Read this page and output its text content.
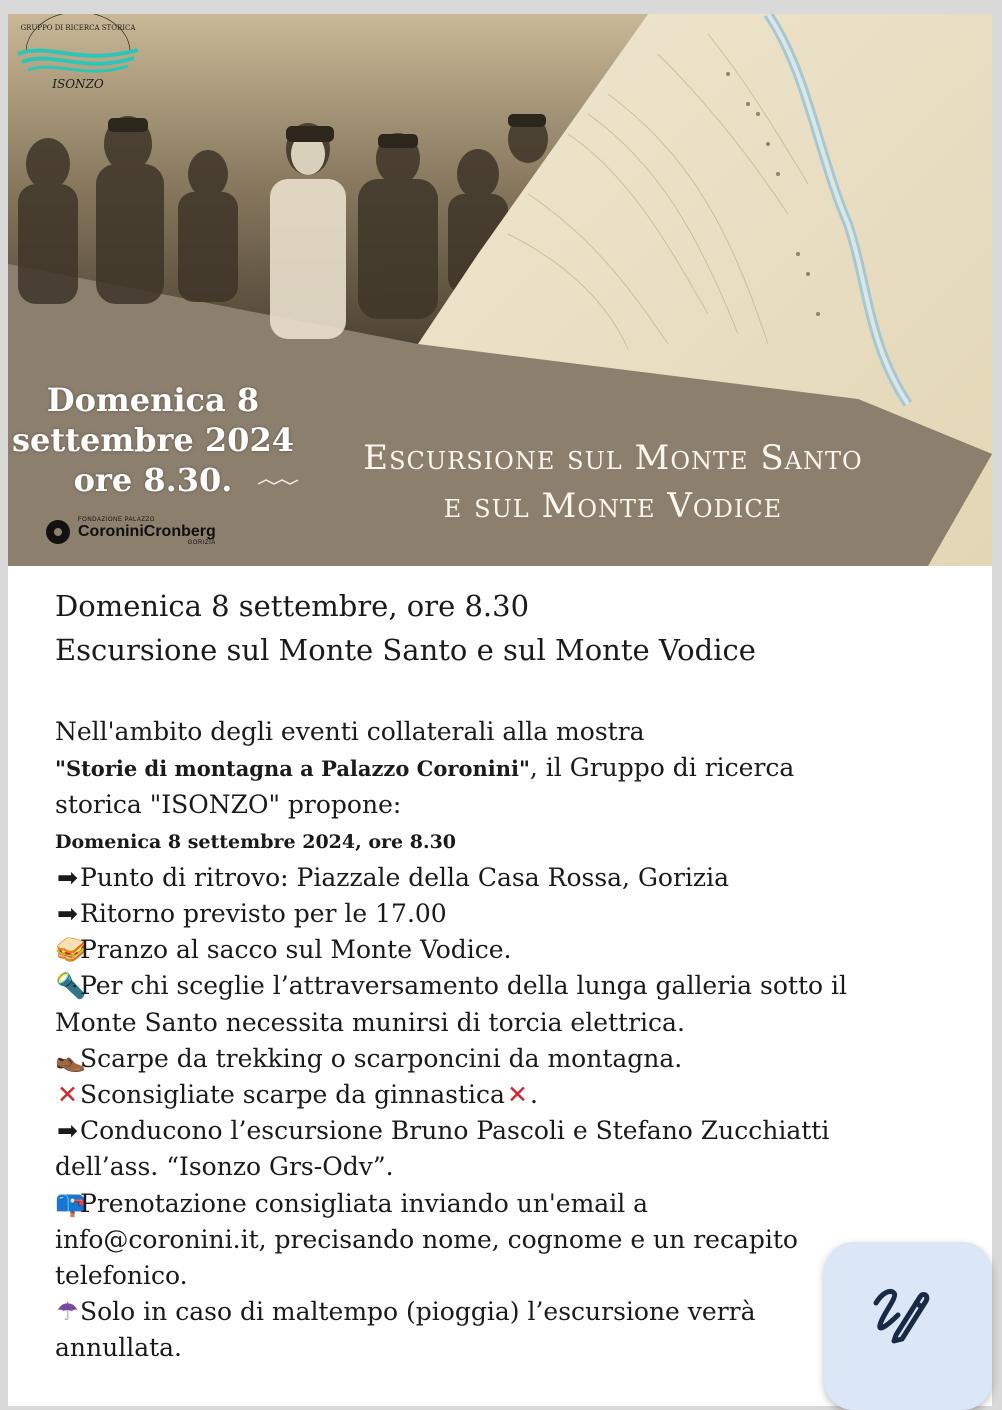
GRUPPO DI RICERCA STORICA
ISONZO
Domenica 8
settembre 2024
ore 8.30.
Escursione sul Monte Santo
e sul Monte Vodice
FONDAZIONE PALAZZO
CoroniniCronberg
GORIZIA

Domenica 8 settembre, ore 8.30

Escursione sul Monte Santo e sul Monte Vodice

Nell'ambito degli eventi collaterali alla mostra
"Storie di montagna a Palazzo Coronini", il Gruppo di ricerca
storica "ISONZO" propone:
Domenica 8 settembre 2024, ore 8.30
➡Punto di ritrovo: Piazzale della Casa Rossa, Gorizia
➡Ritorno previsto per le 17.00
🥪Pranzo al sacco sul Monte Vodice.
🔦Per chi sceglie l’attraversamento della lunga galleria sotto il
Monte Santo necessita munirsi di torcia elettrica.
👞Scarpe da trekking o scarponcini da montagna.
✕Sconsigliate scarpe da ginnastica✕.
➡Conducono l’escursione Bruno Pascoli e Stefano Zucchiatti
dell’ass. “Isonzo Grs-Odv”.
📪Prenotazione consigliata inviando un'email a
info@coronini.it, precisando nome, cognome e un recapito
telefonico.
☂Solo in caso di maltempo (pioggia) l’escursione verrà
annullata.
